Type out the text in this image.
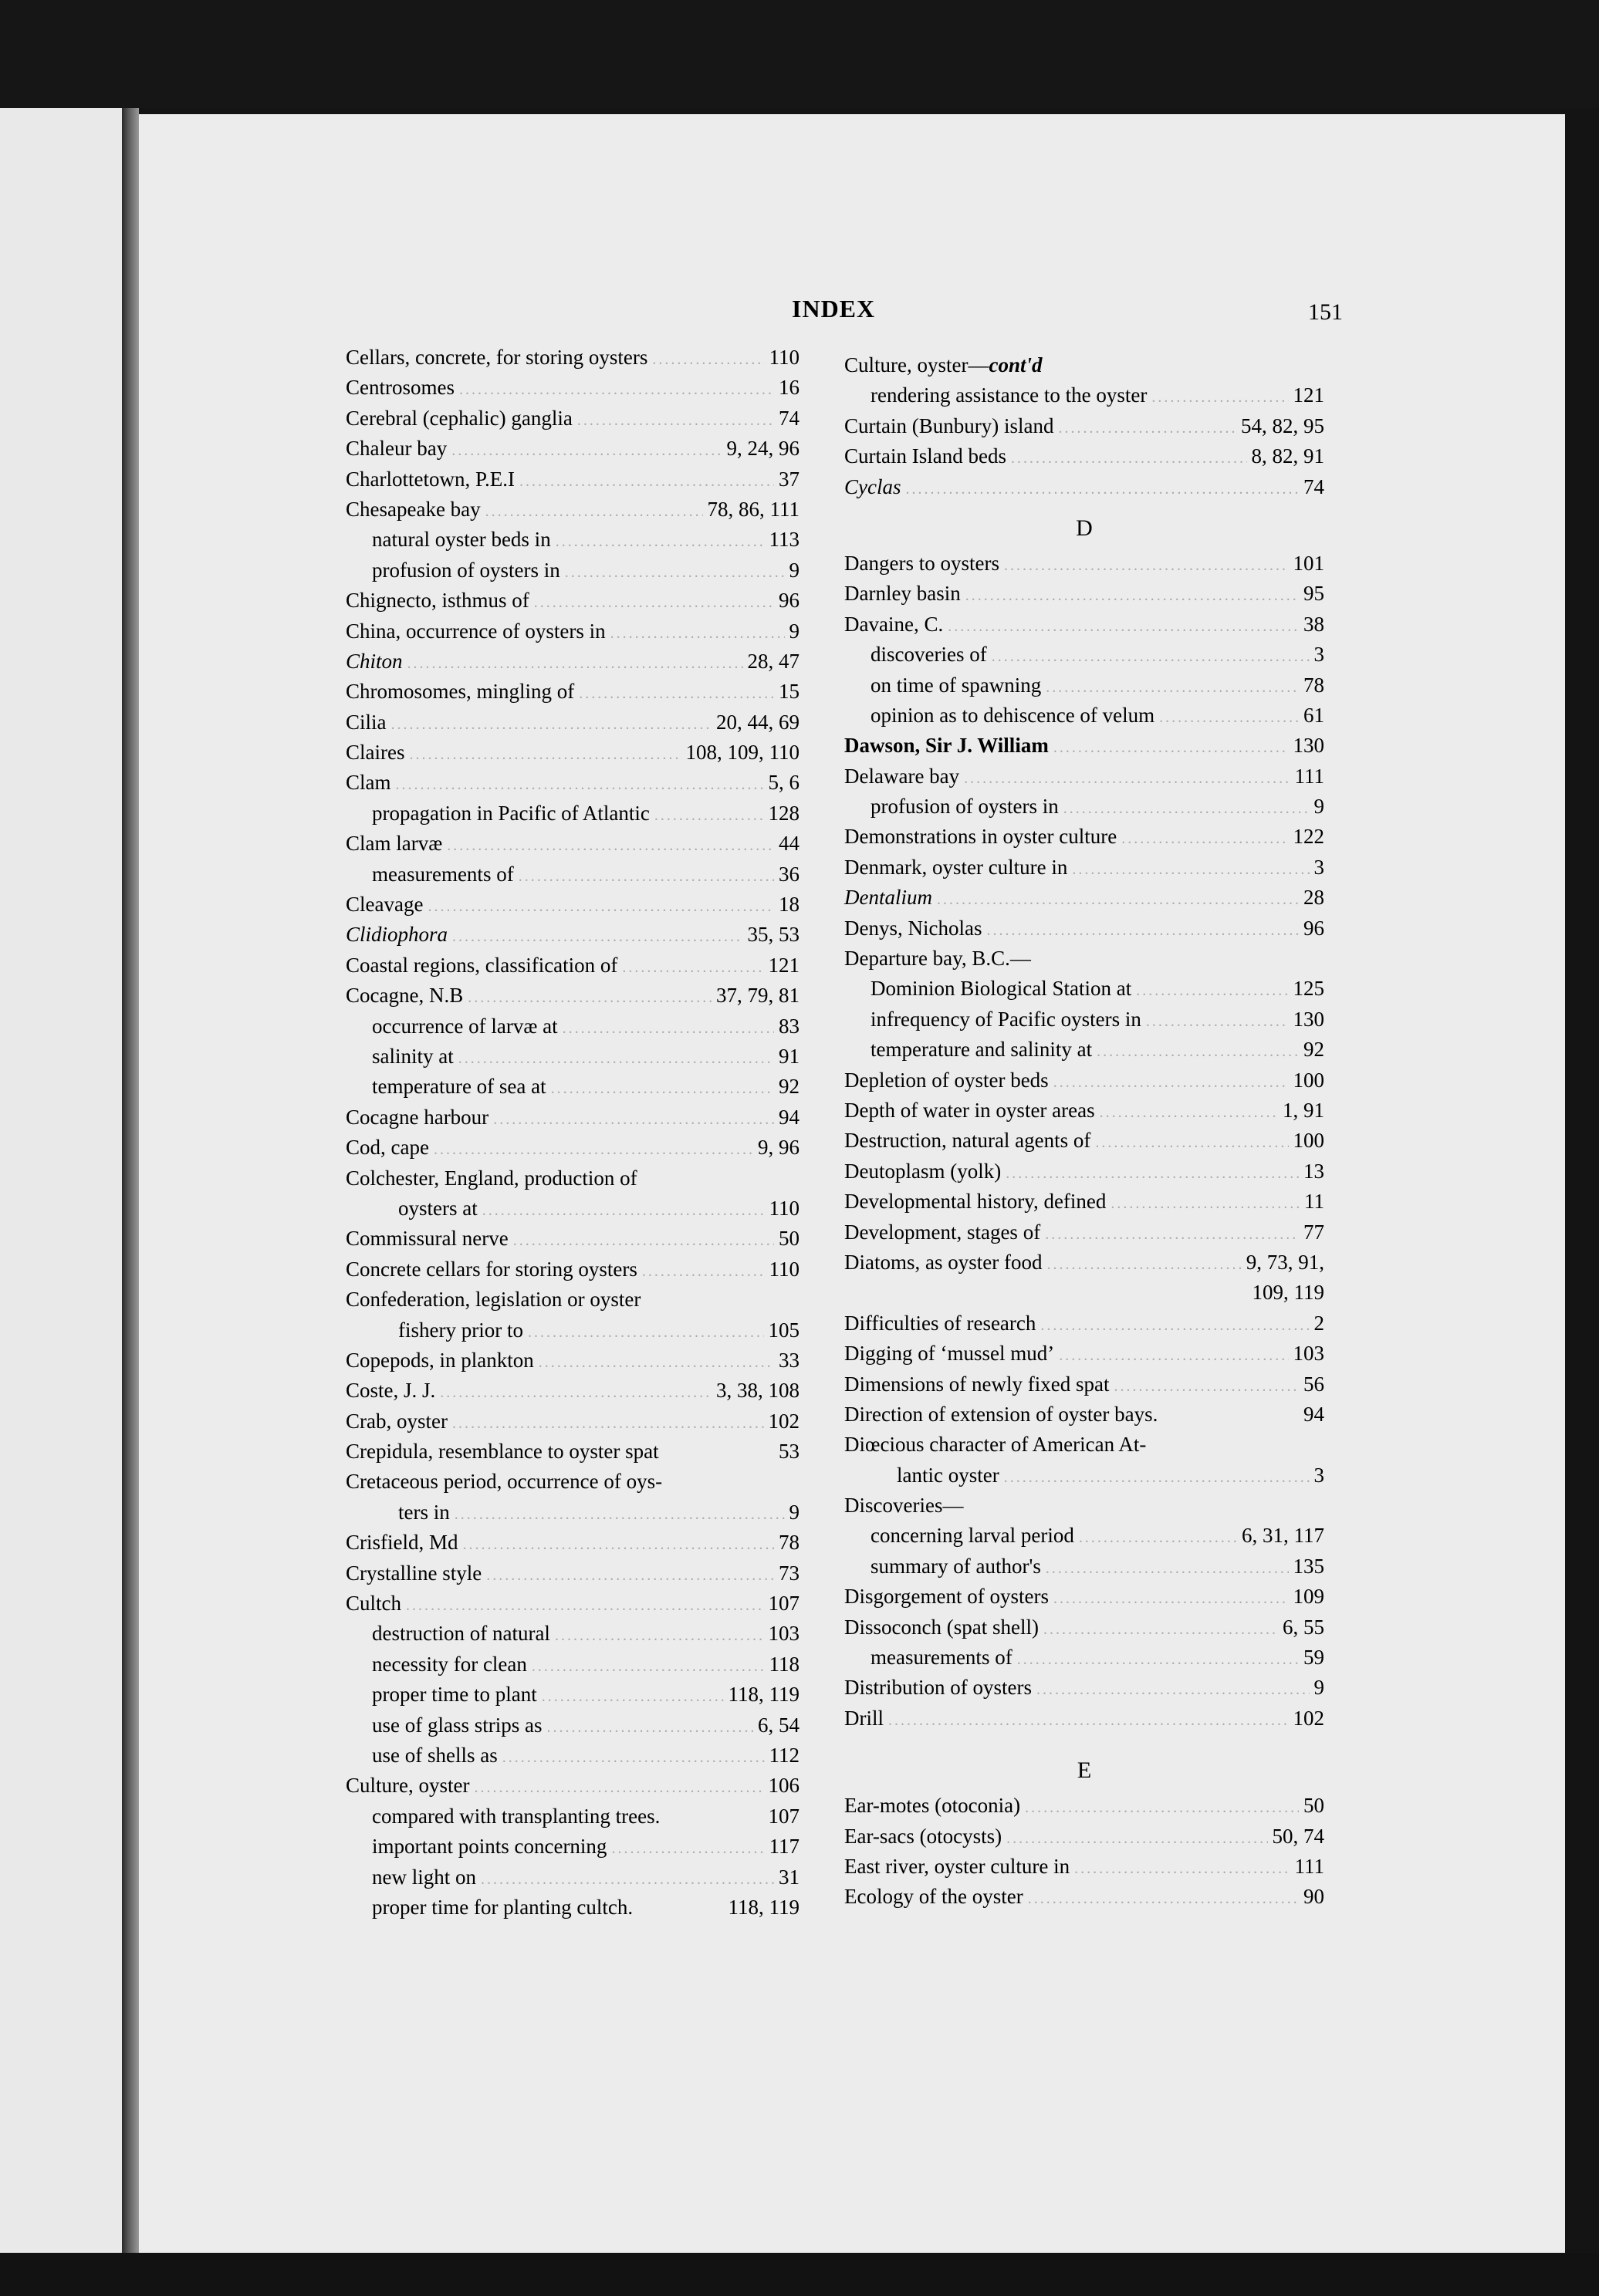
INDEX	151
Cellars, concrete, for storing oysters .....	110
Centrosomes .....	16
Cerebral (cephalic) ganglia .....	74
Chaleur bay .....	9, 24, 96
Charlottetown, P.E.I .....	37
Chesapeake bay .....	78, 86, 111
natural oyster beds in .....	113
profusion of oysters in .....	9
Chignecto, isthmus of .....	96
China, occurrence of oysters in .....	9
Chiton .....	28, 47
Chromosomes, mingling of .....	15
Cilia .....	20, 44, 69
Claires .....	108, 109, 110
Clam .....	5, 6
propagation in Pacific of Atlantic .....	128
Clam larvæ .....	44
measurements of .....	36
Cleavage .....	18
Clidiophora .....	35, 53
Coastal regions, classification of .....	121
Cocagne, N.B .....	37, 79, 81
occurrence of larvæ at .....	83
salinity at .....	91
temperature of sea at .....	92
Cocagne harbour .....	94
Cod, cape .....	9, 96
Colchester, England, production of
oysters at .....	110
Commissural nerve .....	50
Concrete cellars for storing oysters .....	110
Confederation, legislation or oyster
fishery prior to .....	105
Copepods, in plankton .....	33
Coste, J. J. .....	3, 38, 108
Crab, oyster .....	102
Crepidula, resemblance to oyster spat	53
Cretaceous period, occurrence of oys-
ters in .....	9
Crisfield, Md .....	78
Crystalline style .....	73
Cultch .....	107
destruction of natural .....	103
necessity for clean .....	118
proper time to plant .....	118, 119
use of glass strips as .....	6, 54
use of shells as .....	112
Culture, oyster .....	106
compared with transplanting trees.	107
important points concerning .....	117
new light on .....	31
proper time for planting cultch.	118, 119
Culture, oyster—cont'd
rendering assistance to the oyster .....	121
Curtain (Bunbury) island .....	54, 82, 95
Curtain Island beds .....	8, 82, 91
Cyclas .....	74
D
Dangers to oysters .....	101
Darnley basin .....	95
Davaine, C. .....	38
discoveries of .....	3
on time of spawning .....	78
opinion as to dehiscence of velum .....	61
Dawson, Sir J. William .....	130
Delaware bay .....	111
profusion of oysters in .....	9
Demonstrations in oyster culture .....	122
Denmark, oyster culture in .....	3
Dentalium .....	28
Denys, Nicholas .....	96
Departure bay, B.C.—
Dominion Biological Station at .....	125
infrequency of Pacific oysters in .....	130
temperature and salinity at .....	92
Depletion of oyster beds .....	100
Depth of water in oyster areas .....	1, 91
Destruction, natural agents of .....	100
Deutoplasm (yolk) .....	13
Developmental history, defined .....	11
Development, stages of .....	77
Diatoms, as oyster food .....	9, 73, 91,
109, 119
Difficulties of research .....	2
Digging of ‘mussel mud’ .....	103
Dimensions of newly fixed spat .....	56
Direction of extension of oyster bays.	94
Diœcious character of American At-
lantic oyster .....	3
Discoveries—
concerning larval period .....	6, 31, 117
summary of author's .....	135
Disgorgement of oysters .....	109
Dissoconch (spat shell) .....	6, 55
measurements of .....	59
Distribution of oysters .....	9
Drill .....	102
E
Ear-motes (otoconia) .....	50
Ear-sacs (otocysts) .....	50, 74
East river, oyster culture in .....	111
Ecology of the oyster .....	90
